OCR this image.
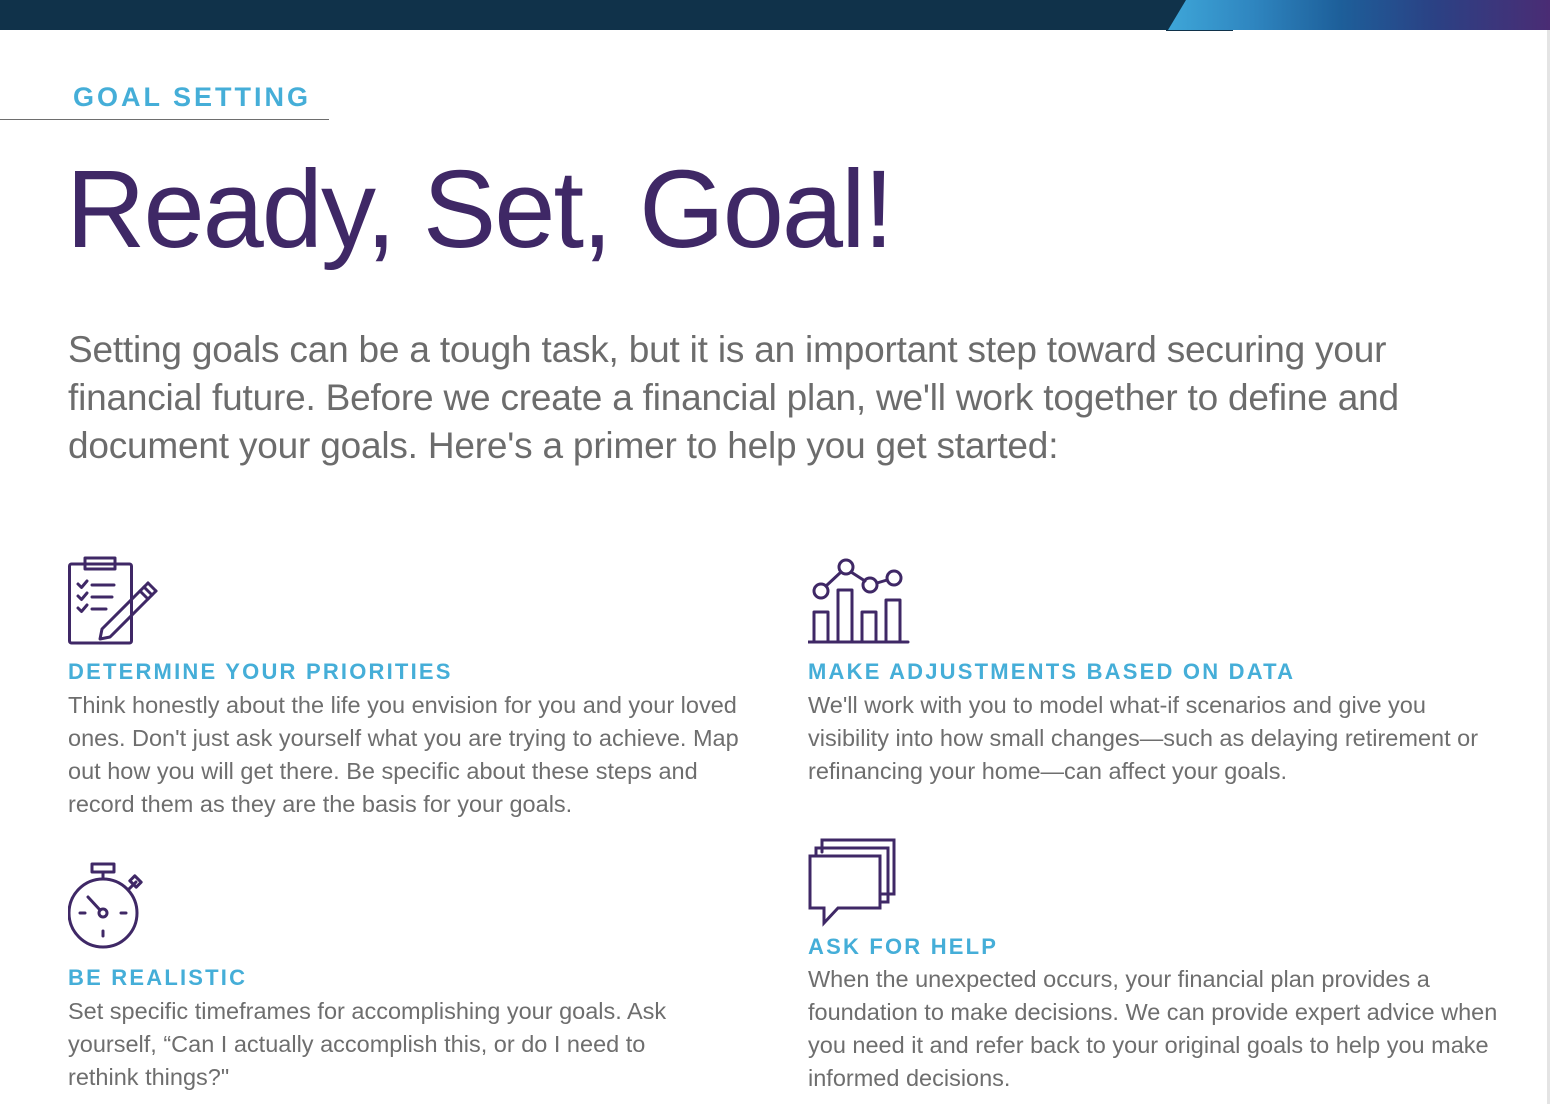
GOAL SETTING
Ready, Set, Goal!

Setting goals can be a tough task, but it is an important step toward securing your financial future. Before we create a financial plan, we'll work together to define and document your goals. Here's a primer to help you get started:

DETERMINE YOUR PRIORITIES

Think honestly about the life you envision for you and your loved ones. Don't just ask yourself what you are trying to achieve. Map out how you will get there. Be specific about these steps and record them as they are the basis for your goals.

MAKE ADJUSTMENTS BASED ON DATA

We'll work with you to model what-if scenarios and give you visibility into how small changes—such as delaying retirement or refinancing your home—can affect your goals.

BE REALISTIC

Set specific timeframes for accomplishing your goals. Ask yourself, “Can I actually accomplish this, or do I need to rethink things?"

ASK FOR HELP

When the unexpected occurs, your financial plan provides a foundation to make decisions. We can provide expert advice when you need it and refer back to your original goals to help you make informed decisions.
